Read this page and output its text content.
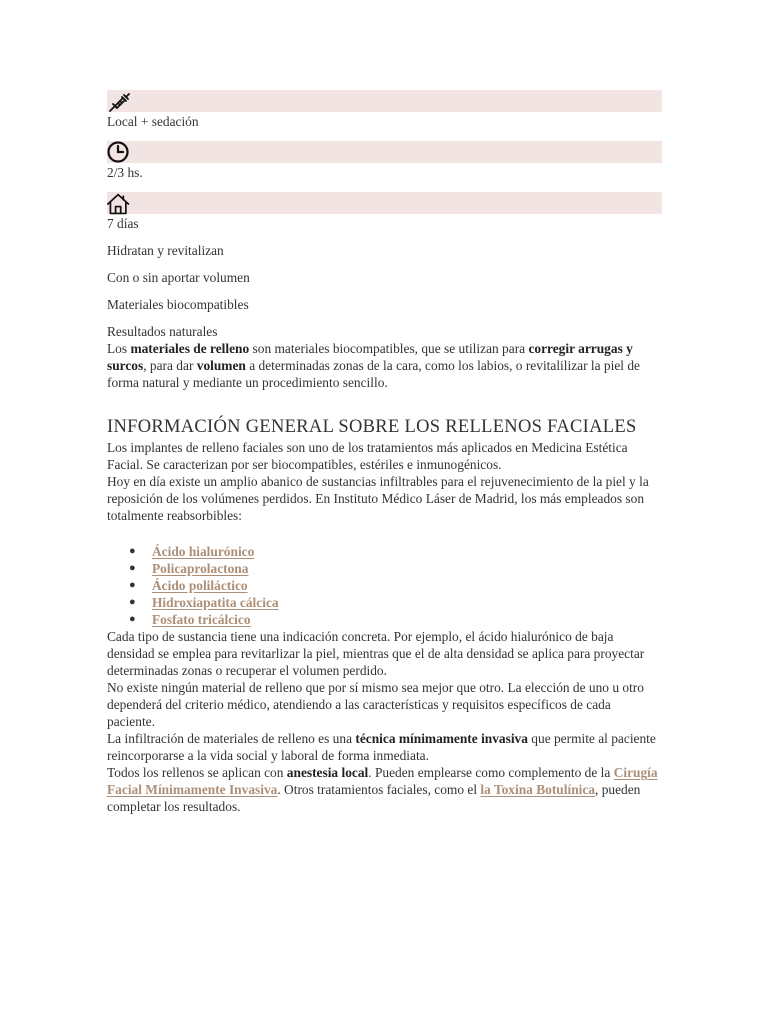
Local + sedación

2/3 hs.

7 días

Hidratan y revitalizan

Con o sin aportar volumen

Materiales biocompatibles

Resultados naturales

Los materiales de relleno son materiales biocompatibles, que se utilizan para corregir arrugas y surcos, para dar volumen a determinadas zonas de la cara, como los labios, o revitalilizar la piel de forma natural y mediante un procedimiento sencillo.

INFORMACIÓN GENERAL SOBRE LOS RELLENOS FACIALES

Los implantes de relleno faciales son uno de los tratamientos más aplicados en Medicina Estética Facial. Se caracterizan por ser biocompatibles, estériles e inmunogénicos.

Hoy en día existe un amplio abanico de sustancias infiltrables para el rejuvenecimiento de la piel y la reposición de los volúmenes perdidos. En Instituto Médico Láser de Madrid, los más empleados son totalmente reabsorbibles:

● Ácido hialurónico
● Policaprolactona
● Ácido poliláctico
● Hidroxiapatita cálcica
● Fosfato tricálcico

Cada tipo de sustancia tiene una indicación concreta. Por ejemplo, el ácido hialurónico de baja densidad se emplea para revitarlizar la piel, mientras que el de alta densidad se aplica para proyectar determinadas zonas o recuperar el volumen perdido.

No existe ningún material de relleno que por sí mismo sea mejor que otro. La elección de uno u otro dependerá del criterio médico, atendiendo a las características y requisitos específicos de cada paciente.

La infiltración de materiales de relleno es una técnica mínimamente invasiva que permite al paciente reincorporarse a la vida social y laboral de forma inmediata.
Todos los rellenos se aplican con anestesia local. Pueden emplearse como complemento de la Cirugía Facial Mínimamente Invasiva. Otros tratamientos faciales, como el la Toxina Botulínica, pueden completar los resultados.
